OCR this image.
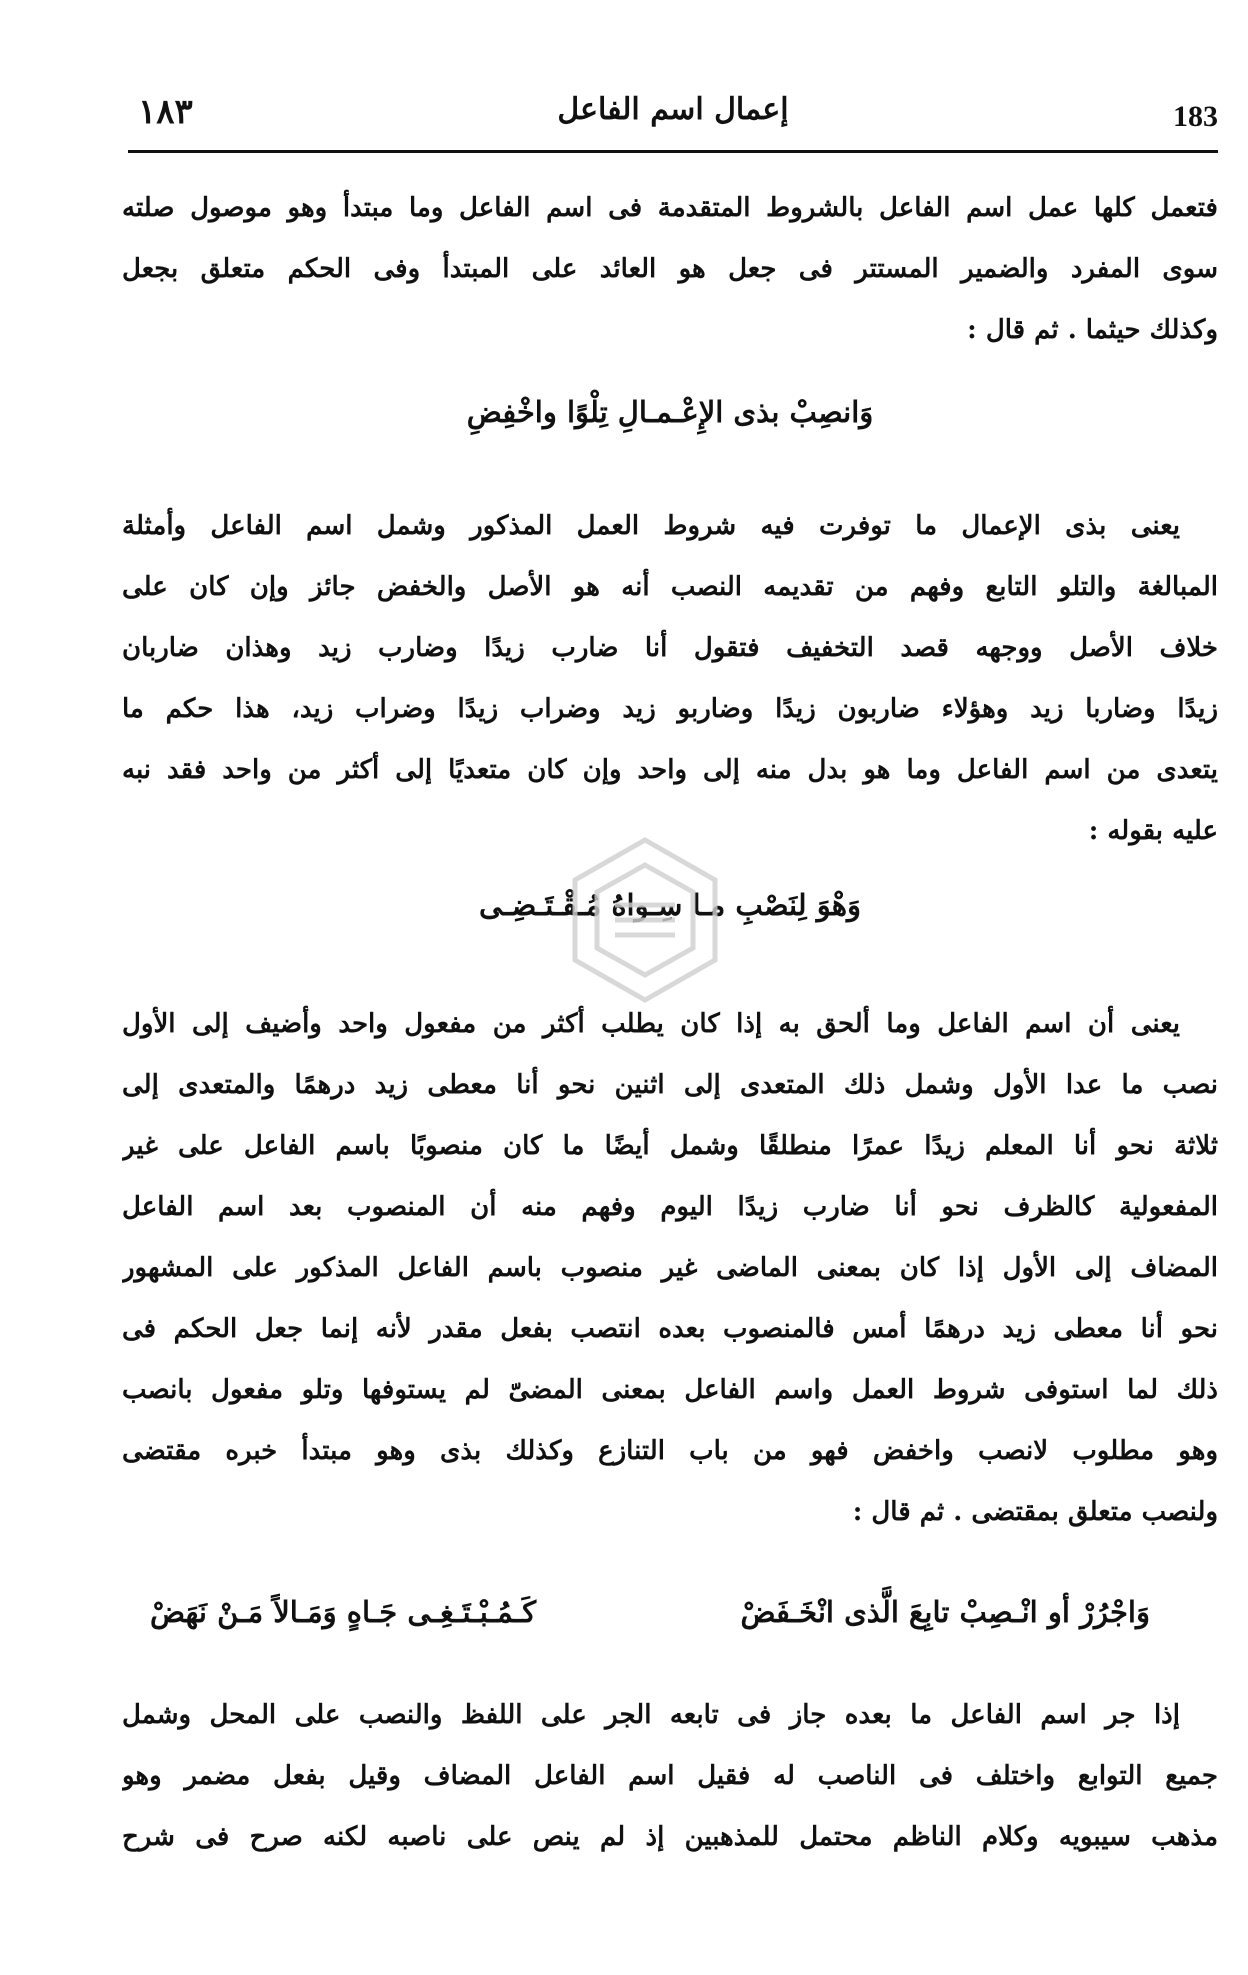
١٨٣	إعمال اسم الفاعل	183
فتعمل كلها عمل اسم الفاعل بالشروط المتقدمة فى اسم الفاعل وما مبتدأ وهو موصول صلته
سوى المفرد والضمير المستتر فى جعل هو العائد على المبتدأ وفى الحكم متعلق بجعل
وكذلك حيثما . ثم قال :
وَانصِبْ بذى الإِعْـمـالِ تِلْوًا واخْفِضِ
يعنى بذى الإعمال ما توفرت فيه شروط العمل المذكور وشمل اسم الفاعل وأمثلة
المبالغة والتلو التابع وفهم من تقديمه النصب أنه هو الأصل والخفض جائز وإن كان على
خلاف الأصل ووجهه قصد التخفيف فتقول أنا ضارب زيدًا وضارب زيد وهذان ضاربان
زيدًا وضاربا زيد وهؤلاء ضاربون زيدًا وضاربو زيد وضراب زيدًا وضراب زيد، هذا حكم ما
يتعدى من اسم الفاعل وما هو بدل منه إلى واحد وإن كان متعديًا إلى أكثر من واحد فقد نبه
عليه بقوله :
وَهْوَ لِنَصْبِ مـا سِـواهُ مُـقْـتَـضِـى
يعنى أن اسم الفاعل وما ألحق به إذا كان يطلب أكثر من مفعول واحد وأضيف إلى الأول
نصب ما عدا الأول وشمل ذلك المتعدى إلى اثنين نحو أنا معطى زيد درهمًا والمتعدى إلى
ثلاثة نحو أنا المعلم زيدًا عمرًا منطلقًا وشمل أيضًا ما كان منصوبًا باسم الفاعل على غير
المفعولية كالظرف نحو أنا ضارب زيدًا اليوم وفهم منه أن المنصوب بعد اسم الفاعل
المضاف إلى الأول إذا كان بمعنى الماضى غير منصوب باسم الفاعل المذكور على المشهور
نحو أنا معطى زيد درهمًا أمس فالمنصوب بعده انتصب بفعل مقدر لأنه إنما جعل الحكم فى
ذلك لما استوفى شروط العمل واسم الفاعل بمعنى المضىّ لم يستوفها وتلو مفعول بانصب
وهو مطلوب لانصب واخفض فهو من باب التنازع وكذلك بذى وهو مبتدأ خبره مقتضى
ولنصب متعلق بمقتضى . ثم قال :
وَاجْرُرْ أو انْـصِبْ تابِعَ الَّذى انْخَـفَضْ
كَـمُـبْـتَـغِـى جَـاهٍ وَمَـالاً مَـنْ نَهَضْ
إذا جر اسم الفاعل ما بعده جاز فى تابعه الجر على اللفظ والنصب على المحل وشمل
جميع التوابع واختلف فى الناصب له فقيل اسم الفاعل المضاف وقيل بفعل مضمر وهو
مذهب سيبويه وكلام الناظم محتمل للمذهبين إذ لم ينص على ناصبه لكنه صرح فى شرح
